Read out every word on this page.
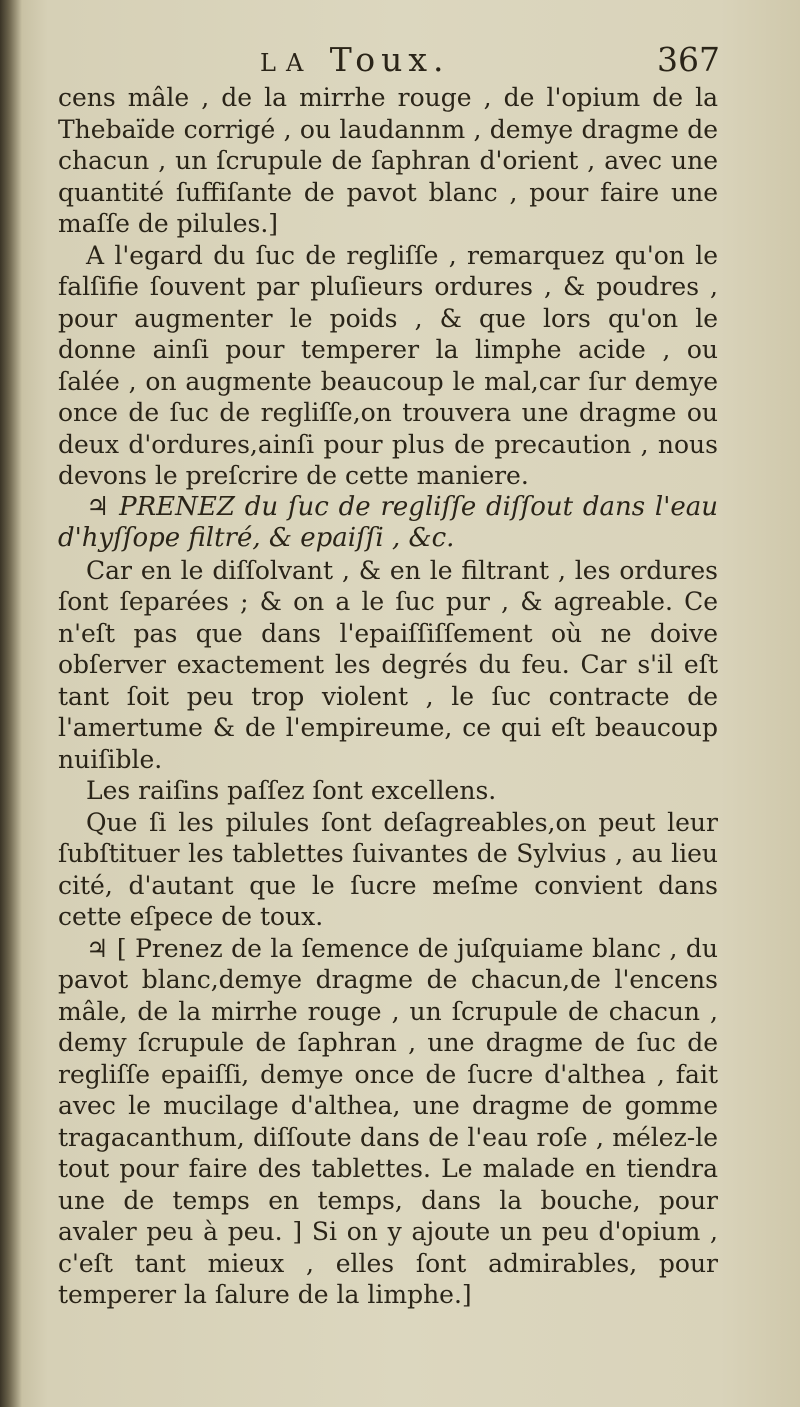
LA Toux.	367

cens mâle , de la mirrhe rouge , de l'opium de la Thebaïde corrigé , ou laudannm , demye dragme de chacun , un ſcrupule de ſaphran d'orient , avec une quantité ſuffiſante de pavot blanc , pour faire une maſſe de pilules.]

A l'egard du ſuc de regliſſe , remarquez qu'on le falſifie ſouvent par pluſieurs ordures , & poudres , pour augmenter le poids , & que lors qu'on le donne ainſi pour temperer la limphe acide , ou ſalée , on augmente beaucoup le mal,car ſur demye once de ſuc de regliſſe,on trouvera une dragme ou deux d'ordures,ainſi pour plus de precaution , nous devons le preſcrire de cette maniere.

♃ PRENEZ du ſuc de regliſſe diſſout dans l'eau d'hyſſope filtré, & epaiſſi , &c.

Car en le diſſolvant , & en le filtrant , les ordures ſont ſeparées ; & on a le ſuc pur , & agreable. Ce n'eſt pas que dans l'epaiſſiſſement où ne doive obſerver exactement les degrés du feu. Car s'il eſt tant ſoit peu trop violent , le ſuc contracte de l'amertume & de l'empireume, ce qui eſt beaucoup nuiſible.

Les raiſins paſſez ſont excellens.

Que ſi les pilules ſont deſagreables,on peut leur ſubſtituer les tablettes ſuivantes de Sylvius , au lieu cité, d'autant que le ſucre meſme convient dans cette eſpece de toux.

♃ [ Prenez de la ſemence de juſquiame blanc , du pavot blanc,demye dragme de chacun,de l'encens mâle, de la mirrhe rouge , un ſcrupule de chacun , demy ſcrupule de ſaphran , une dragme de ſuc de regliſſe epaiſſi, demye once de ſucre d'althea , fait avec le mucilage d'althea, une dragme de gomme tragacanthum, diſſoute dans de l'eau roſe , mélez-le tout pour faire des tablettes. Le malade en tiendra une de temps en temps, dans la bouche, pour avaler peu à peu. ] Si on y ajoute un peu d'opium , c'eſt tant mieux , elles ſont admirables, pour temperer la ſalure de la limphe.]
